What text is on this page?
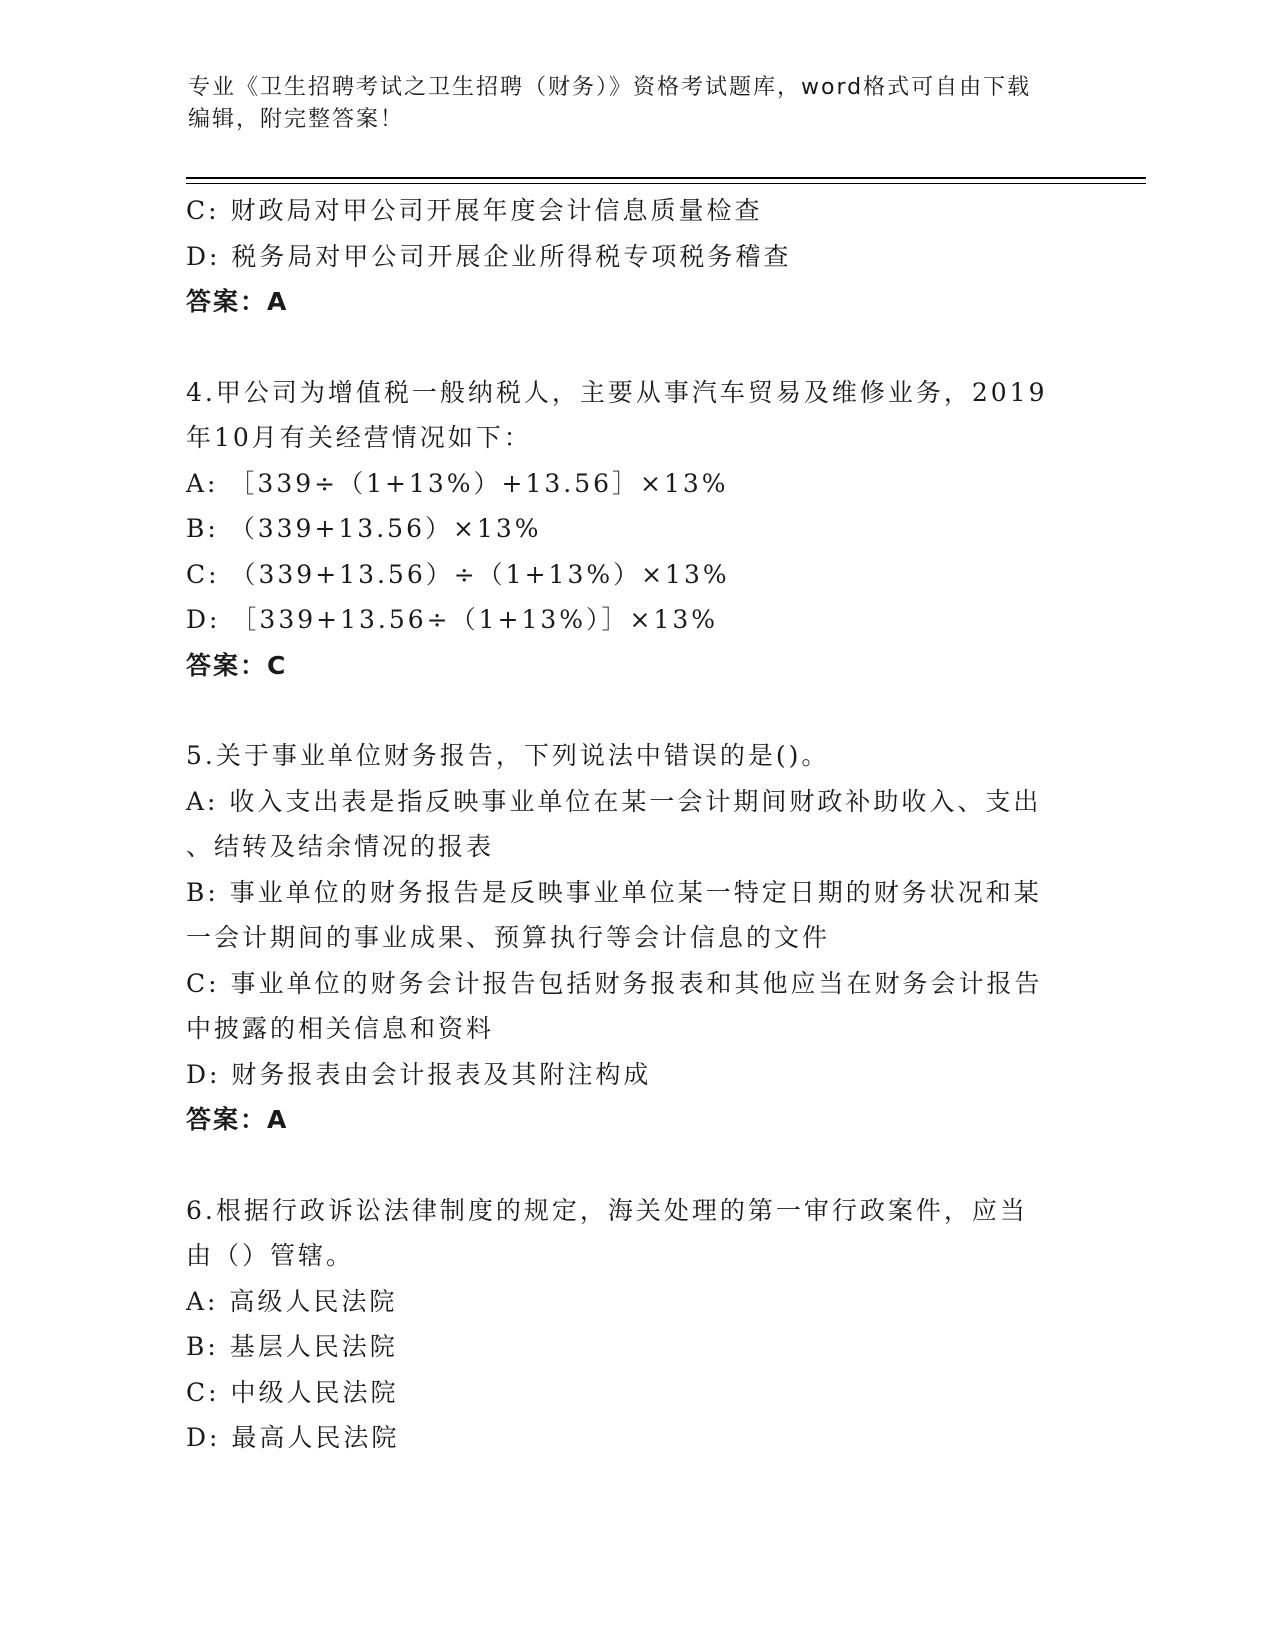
专业《卫生招聘考试之卫生招聘（财务）》资格考试题库，word格式可自由下载
编辑，附完整答案！
C: 财政局对甲公司开展年度会计信息质量检查
D: 税务局对甲公司开展企业所得税专项税务稽查
答案：A
4.甲公司为增值税一般纳税人，主要从事汽车贸易及维修业务，2019
年10月有关经营情况如下：
A: ［339÷（1+13%）+13.56］×13%
B: （339+13.56）×13%
C: （339+13.56）÷（1+13%）×13%
D: ［339+13.56÷（1+13%）］×13%
答案：C
5.关于事业单位财务报告，下列说法中错误的是()。
A: 收入支出表是指反映事业单位在某一会计期间财政补助收入、支出
、结转及结余情况的报表
B: 事业单位的财务报告是反映事业单位某一特定日期的财务状况和某
一会计期间的事业成果、预算执行等会计信息的文件
C: 事业单位的财务会计报告包括财务报表和其他应当在财务会计报告
中披露的相关信息和资料
D: 财务报表由会计报表及其附注构成
答案：A
6.根据行政诉讼法律制度的规定，海关处理的第一审行政案件，应当
由（）管辖。
A: 高级人民法院
B: 基层人民法院
C: 中级人民法院
D: 最高人民法院
